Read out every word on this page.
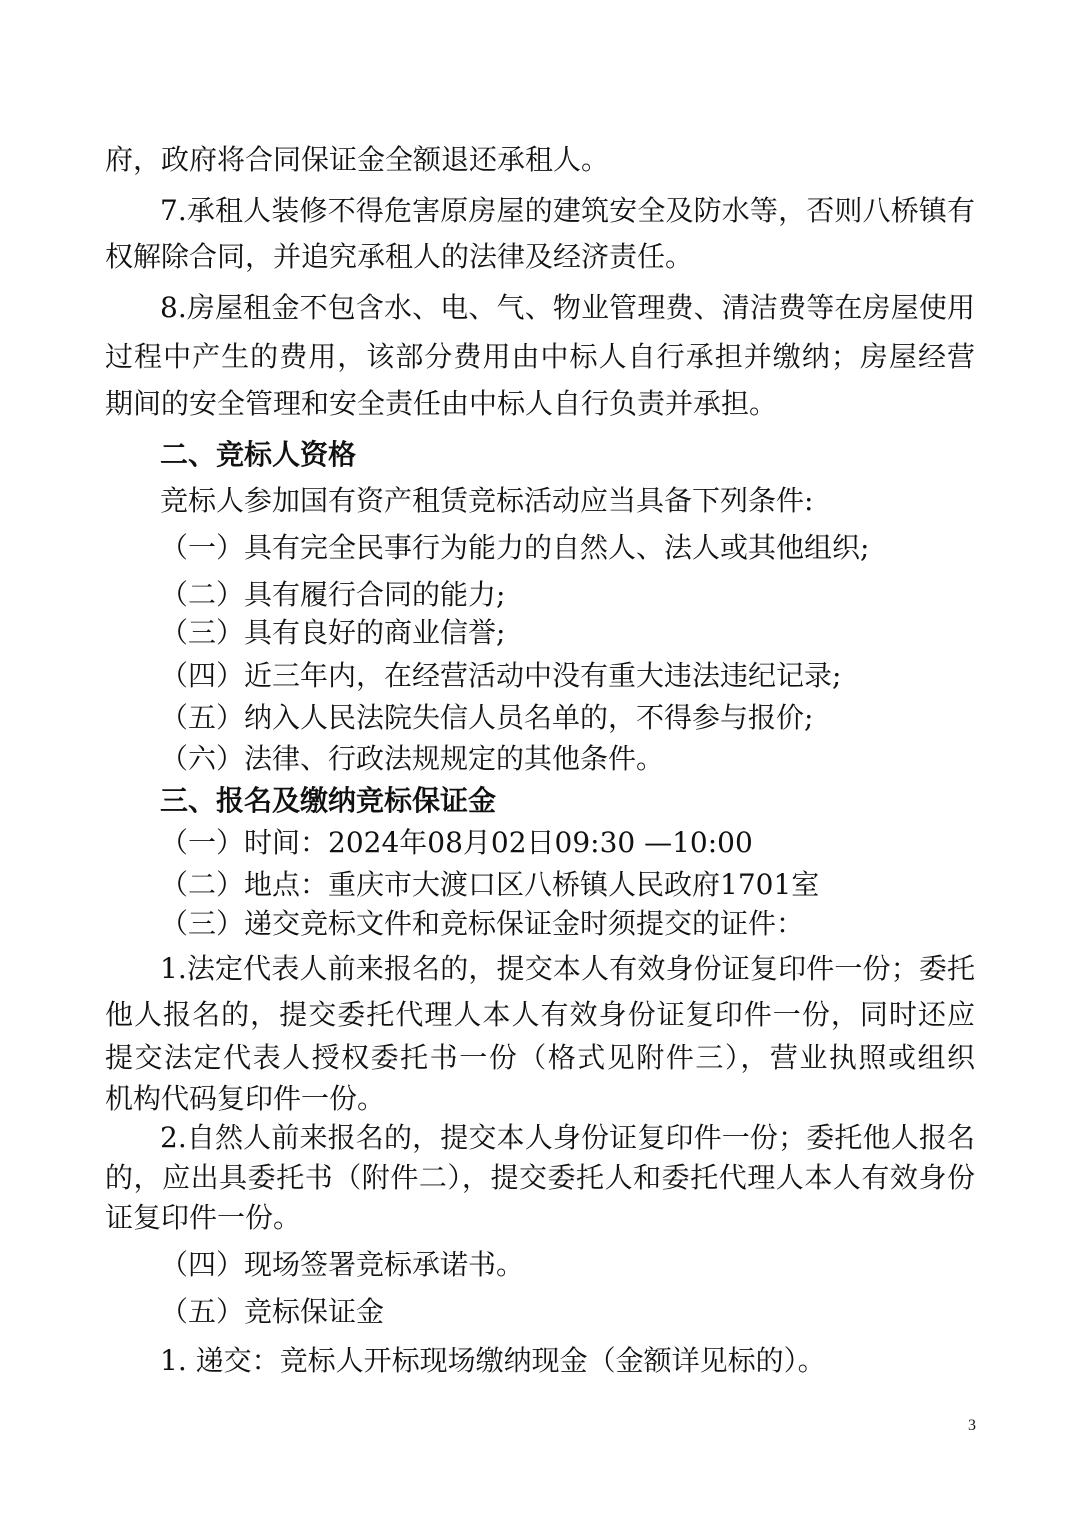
府，政府将合同保证金全额退还承租人。
7.承租人装修不得危害原房屋的建筑安全及防水等，否则八桥镇有
权解除合同，并追究承租人的法律及经济责任。
8.房屋租金不包含水、电、气、物业管理费、清洁费等在房屋使用
过程中产生的费用，该部分费用由中标人自行承担并缴纳；房屋经营
期间的安全管理和安全责任由中标人自行负责并承担。
二、竞标人资格
竞标人参加国有资产租赁竞标活动应当具备下列条件:
（一）具有完全民事行为能力的自然人、法人或其他组织;
（二）具有履行合同的能力;
（三）具有良好的商业信誉;
（四）近三年内，在经营活动中没有重大违法违纪记录;
（五）纳入人民法院失信人员名单的，不得参与报价;
（六）法律、行政法规规定的其他条件。
三、报名及缴纳竞标保证金
（一）时间：2024年08月02日09:30 —10:00
（二）地点：重庆市大渡口区八桥镇人民政府1701室
（三）递交竞标文件和竞标保证金时须提交的证件：
1.法定代表人前来报名的，提交本人有效身份证复印件一份；委托
他人报名的，提交委托代理人本人有效身份证复印件一份，同时还应
提交法定代表人授权委托书一份（格式见附件三），营业执照或组织
机构代码复印件一份。
2.自然人前来报名的，提交本人身份证复印件一份；委托他人报名
的，应出具委托书（附件二），提交委托人和委托代理人本人有效身份
证复印件一份。
（四）现场签署竞标承诺书。
（五）竞标保证金
1. 递交：竞标人开标现场缴纳现金（金额详见标的）。
3
